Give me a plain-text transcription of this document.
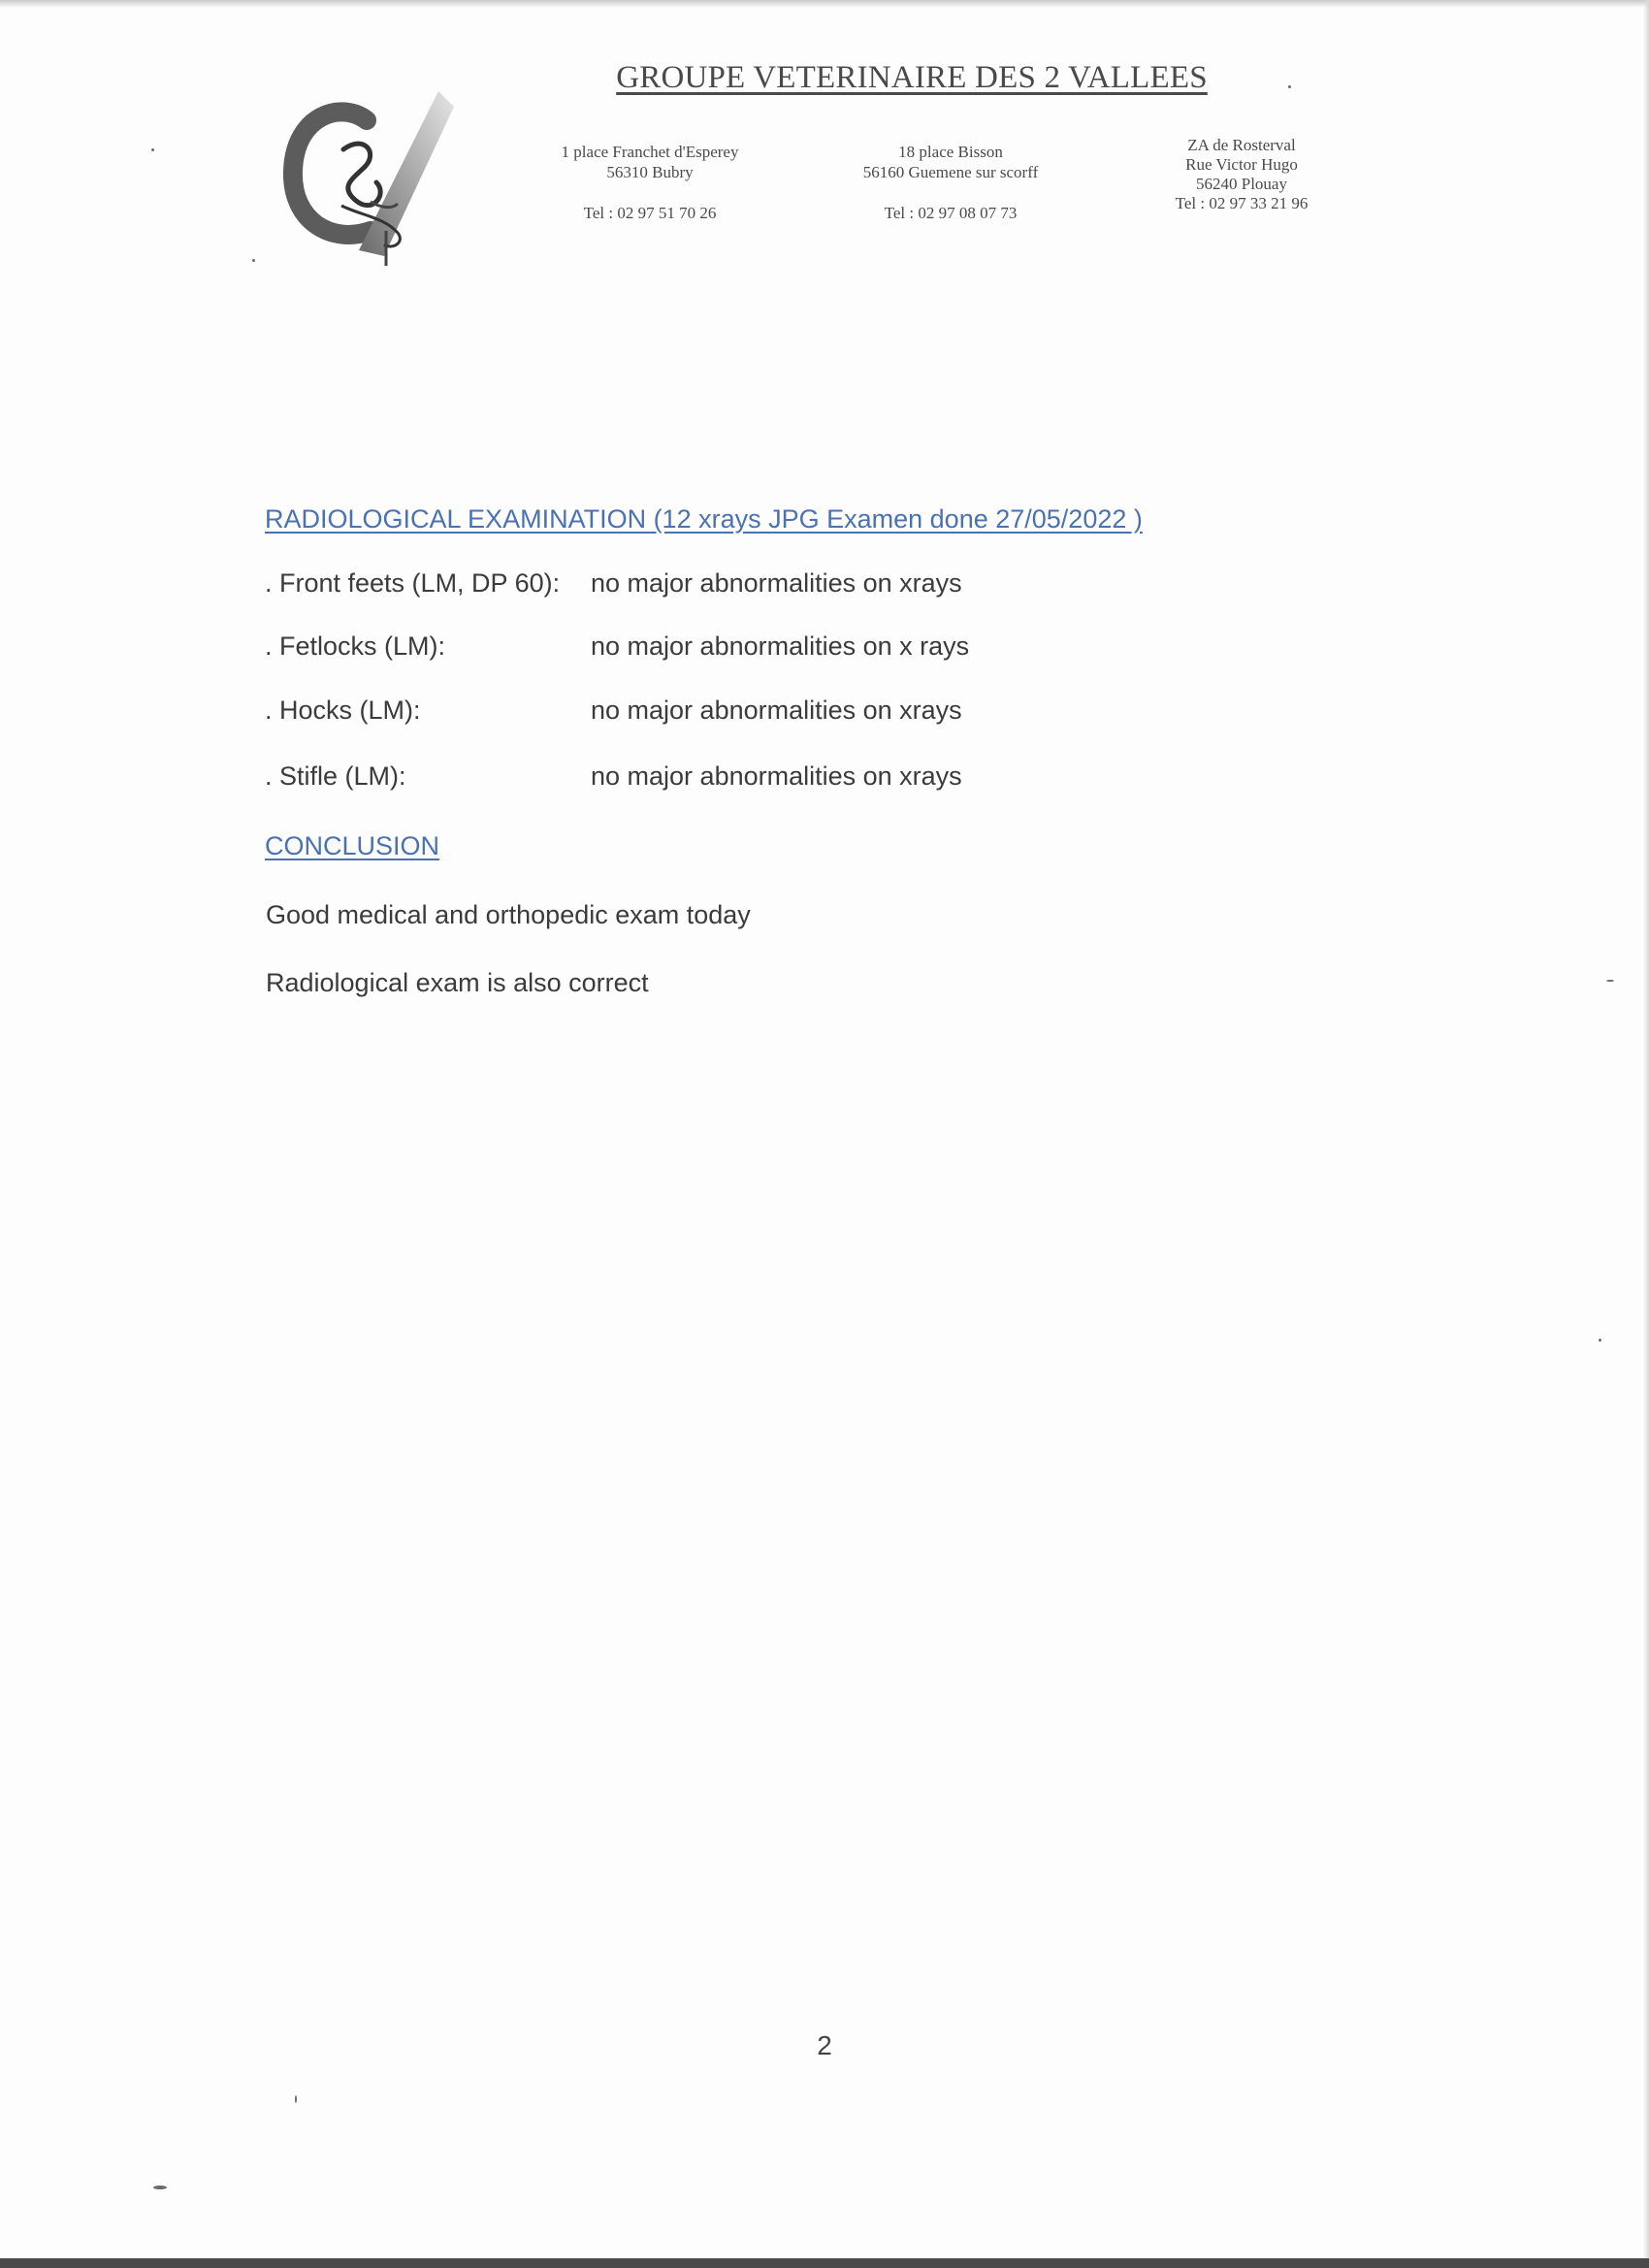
GROUPE VETERINAIRE DES 2 VALLEES
1 place Franchet d'Esperey
56310 Bubry
Tel : 02 97 51 70 26
18 place Bisson
56160 Guemene sur scorff
Tel : 02 97 08 07 73
ZA de Rosterval
Rue Victor Hugo
56240 Plouay
Tel : 02 97 33 21 96
RADIOLOGICAL EXAMINATION (12 xrays JPG Examen done 27/05/2022 )
. Front feets (LM, DP 60): no major abnormalities on xrays
. Fetlocks (LM):	no major abnormalities on x rays
. Hocks (LM):	no major abnormalities on xrays
. Stifle (LM):	no major abnormalities on xrays
CONCLUSION
Good medical and orthopedic exam today
Radiological exam is also correct
2
